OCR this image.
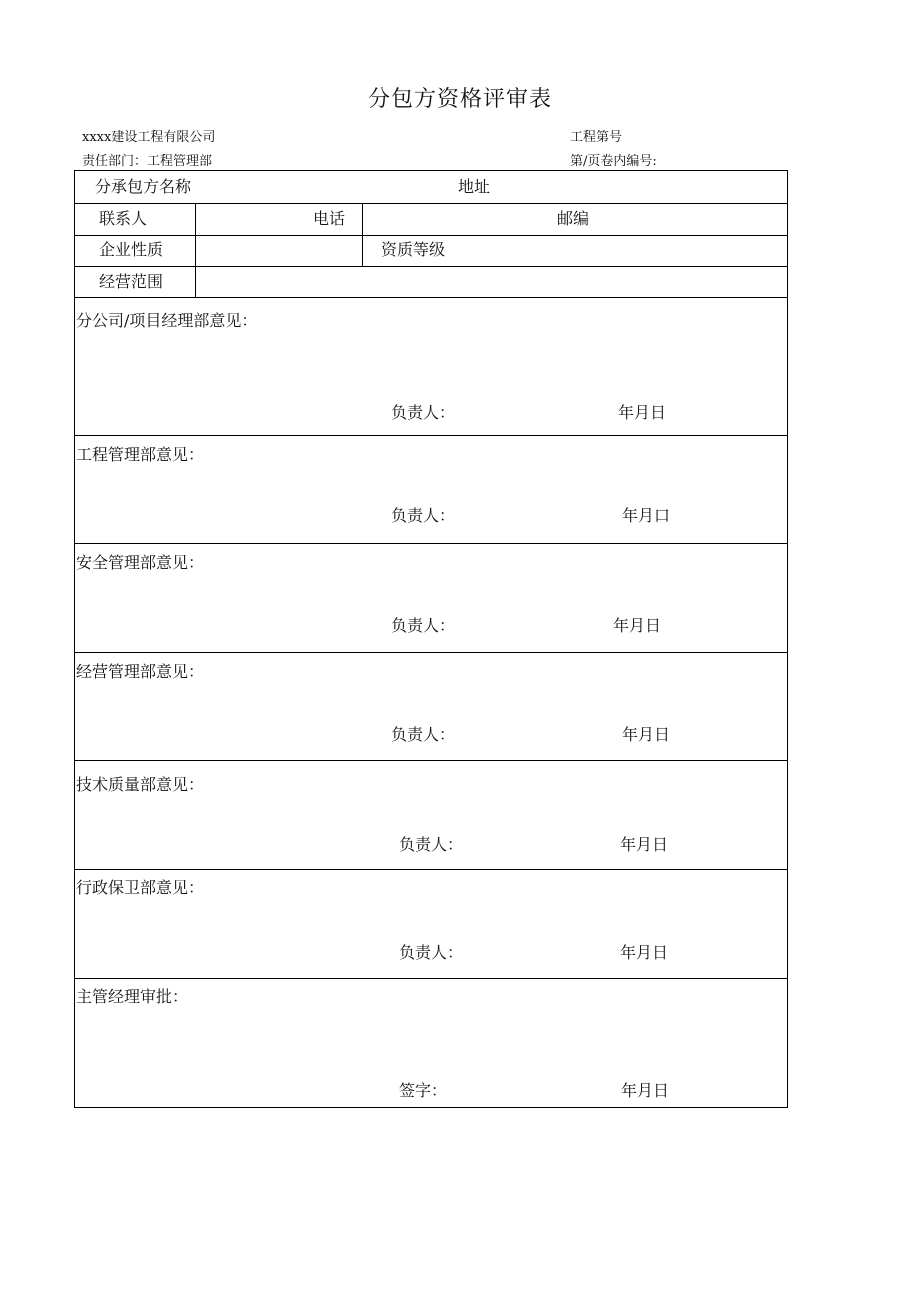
分包方资格评审表
xxxx建设工程有限公司	工程第号
责任部门：工程管理部	第/页卷内编号:
分承包方名称	地址
联系人	电话	邮编
企业性质	资质等级
经营范围
分公司/项目经理部意见：
负责人：	年月日
工程管理部意见：
负责人：	年月口
安全管理部意见：
负责人：	年月日
经营管理部意见：
负责人：	年月日
技术质量部意见：
负责人：	年月日
行政保卫部意见：
负责人：	年月日
主管经理审批：
签字：	年月日
